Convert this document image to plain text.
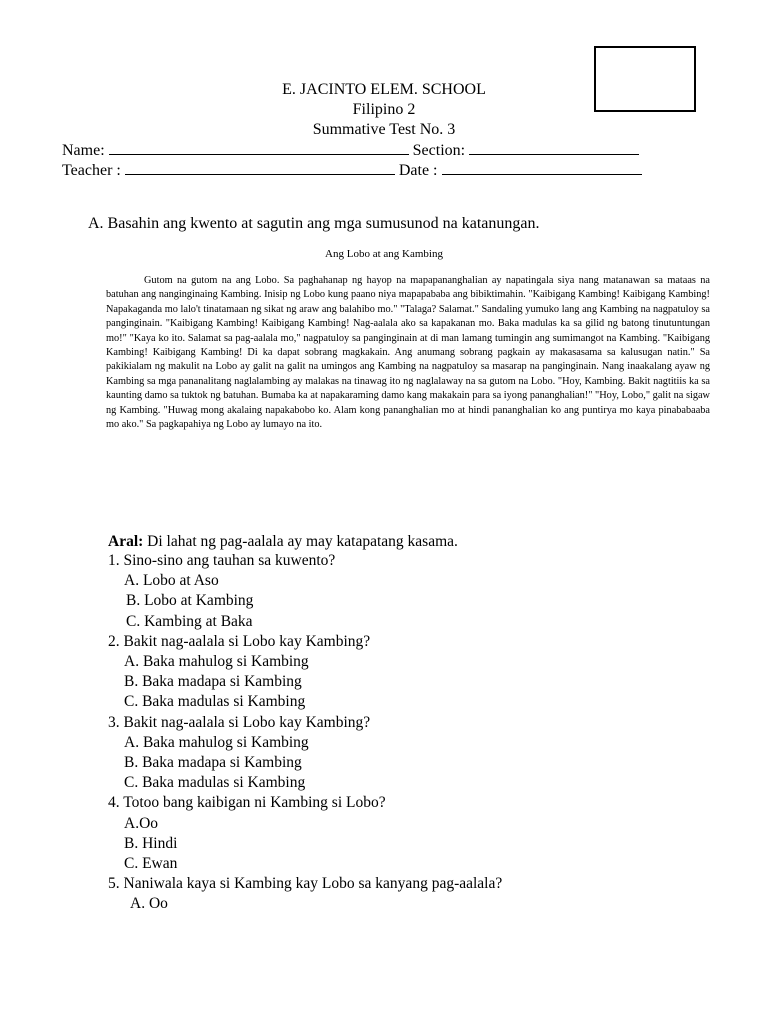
E. JACINTO ELEM. SCHOOL
Filipino 2
Summative Test No. 3
Name:	Section:
Teacher :	Date :
A. Basahin ang kwento at sagutin ang mga sumusunod na katanungan.
Ang Lobo at ang Kambing

Gutom na gutom na ang Lobo. Sa paghahanap ng hayop na mapapananghalian ay napatingala siya nang matanawan sa mataas na batuhan ang nanginginaing Kambing. Inisip ng Lobo kung paano niya mapapababa ang bibiktimahin. "Kaibigang Kambing! Kaibigang Kambing! Napakaganda mo lalo't tinatamaan ng sikat ng araw ang balahibo mo." "Talaga? Salamat." Sandaling yumuko lang ang Kambing na nagpatuloy sa panginginain. "Kaibigang Kambing! Kaibigang Kambing! Nag-aalala ako sa kapakanan mo. Baka madulas ka sa gilid ng batong tinutuntungan mo!" "Kaya ko ito. Salamat sa pag-aalala mo," nagpatuloy sa panginginain at di man lamang tumingin ang sumimangot na Kambing. "Kaibigang Kambing! Kaibigang Kambing! Di ka dapat sobrang magkakain. Ang anumang sobrang pagkain ay makasasama sa kalusugan natin." Sa pakikialam ng makulit na Lobo ay galit na galit na umingos ang Kambing na nagpatuloy sa masarap na panginginain. Nang inaakalang ayaw ng Kambing sa mga pananalitang naglalambing ay malakas na tinawag ito ng naglalaway na sa gutom na Lobo. "Hoy, Kambing. Bakit nagtitiis ka sa kaunting damo sa tuktok ng batuhan. Bumaba ka at napakaraming damo kang makakain para sa iyong pananghalian!" "Hoy, Lobo," galit na sigaw ng Kambing. "Huwag mong akalaing napakabobo ko. Alam kong pananghalian mo at hindi pananghalian ko ang puntirya mo kaya pinababaaba mo ako." Sa pagkapahiya ng Lobo ay lumayo na ito.

Aral: Di lahat ng pag-aalala ay may katapatang kasama.
1. Sino-sino ang tauhan sa kuwento?
A. Lobo at Aso
B. Lobo at Kambing
C. Kambing at Baka
2. Bakit nag-aalala si Lobo kay Kambing?
A. Baka mahulog si Kambing
B. Baka madapa si Kambing
C. Baka madulas si Kambing
3. Bakit nag-aalala si Lobo kay Kambing?
A. Baka mahulog si Kambing
B. Baka madapa si Kambing
C. Baka madulas si Kambing
4. Totoo bang kaibigan ni Kambing si Lobo?
A.Oo
B. Hindi
C. Ewan
5. Naniwala kaya si Kambing kay Lobo sa kanyang pag-aalala?
A. Oo
